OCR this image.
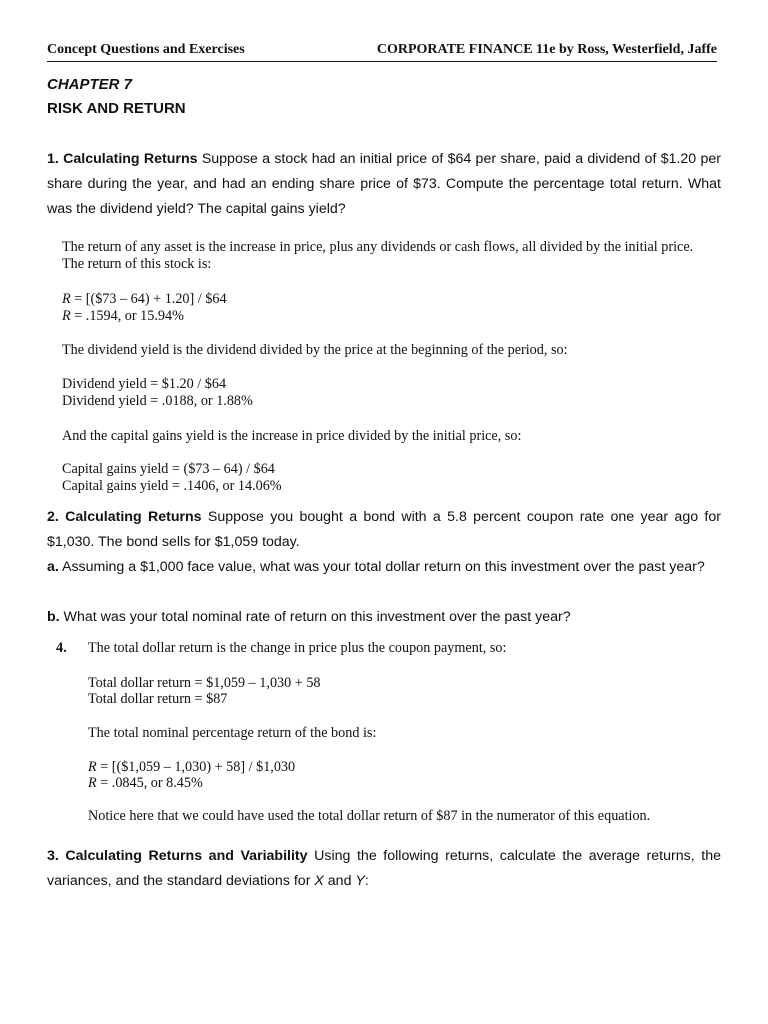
Concept Questions and Exercises	CORPORATE FINANCE 11e by Ross, Westerfield, Jaffe
CHAPTER 7
RISK AND RETURN

1. Calculating Returns Suppose a stock had an initial price of $64 per share, paid a dividend of $1.20 per share during the year, and had an ending share price of $73. Compute the percentage total return. What was the dividend yield? The capital gains yield?

The return of any asset is the increase in price, plus any dividends or cash flows, all divided by the initial price. The return of this stock is:

R = [($73 – 64) + 1.20] / $64

R = .1594, or 15.94%

The dividend yield is the dividend divided by the price at the beginning of the period, so:

Dividend yield = $1.20 / $64

Dividend yield = .0188, or 1.88%

And the capital gains yield is the increase in price divided by the initial price, so:

Capital gains yield = ($73 – 64) / $64

Capital gains yield = .1406, or 14.06%

2. Calculating Returns Suppose you bought a bond with a 5.8 percent coupon rate one year ago for $1,030. The bond sells for $1,059 today.

a. Assuming a $1,000 face value, what was your total dollar return on this investment over the past year?

b. What was your total nominal rate of return on this investment over the past year?

4. The total dollar return is the change in price plus the coupon payment, so:

Total dollar return = $1,059 – 1,030 + 58

Total dollar return = $87

The total nominal percentage return of the bond is:

R = [($1,059 – 1,030) + 58] / $1,030

R = .0845, or 8.45%

Notice here that we could have used the total dollar return of $87 in the numerator of this equation.

3. Calculating Returns and Variability Using the following returns, calculate the average returns, the variances, and the standard deviations for X and Y:
